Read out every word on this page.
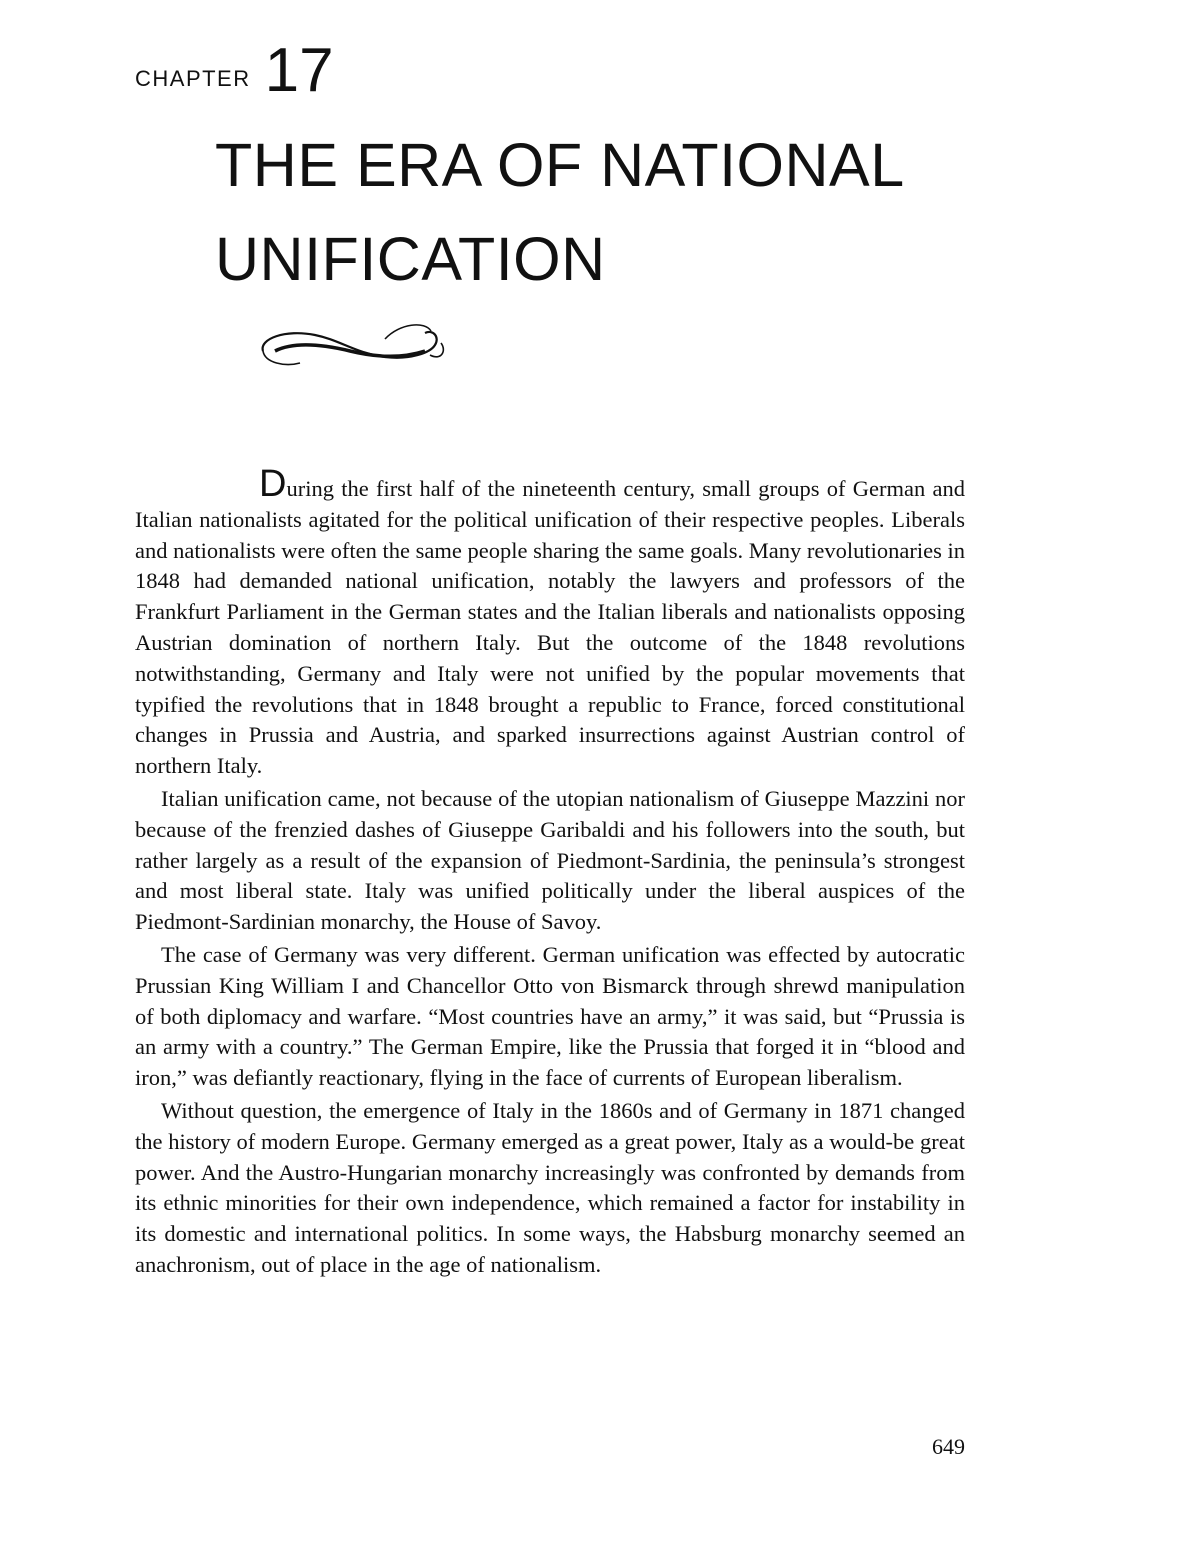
CHAPTER 17
THE ERA OF NATIONAL UNIFICATION

During the first half of the nineteenth century, small groups of German and Italian nationalists agitated for the political unification of their respective peoples. Liberals and nationalists were often the same people sharing the same goals. Many revolutionaries in 1848 had demanded national unification, notably the lawyers and professors of the Frankfurt Parliament in the German states and the Italian liberals and nationalists opposing Austrian domination of northern Italy. But the outcome of the 1848 revolutions notwithstanding, Germany and Italy were not unified by the popular movements that typified the revolutions that in 1848 brought a republic to France, forced constitutional changes in Prussia and Austria, and sparked insurrections against Austrian control of northern Italy.

Italian unification came, not because of the utopian nationalism of Giuseppe Mazzini nor because of the frenzied dashes of Giuseppe Garibaldi and his followers into the south, but rather largely as a result of the expansion of Piedmont-Sardinia, the peninsula’s strongest and most liberal state. Italy was unified politically under the liberal auspices of the Piedmont-Sardinian monarchy, the House of Savoy.

The case of Germany was very different. German unification was effected by autocratic Prussian King William I and Chancellor Otto von Bismarck through shrewd manipulation of both diplomacy and warfare. “Most countries have an army,” it was said, but “Prussia is an army with a country.” The German Empire, like the Prussia that forged it in “blood and iron,” was defiantly reactionary, flying in the face of currents of European liberalism.

Without question, the emergence of Italy in the 1860s and of Germany in 1871 changed the history of modern Europe. Germany emerged as a great power, Italy as a would-be great power. And the Austro-Hungarian monarchy increasingly was confronted by demands from its ethnic minorities for their own independence, which remained a factor for instability in its domestic and international politics. In some ways, the Habsburg monarchy seemed an anachronism, out of place in the age of nationalism.

649
